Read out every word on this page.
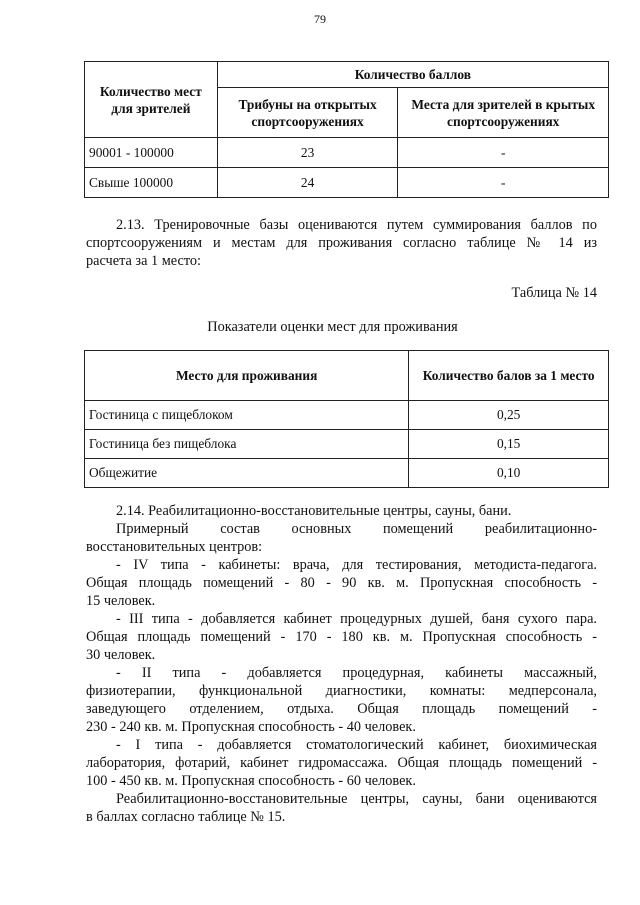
79
Количество мест для зрителей	Количество баллов	
	Трибуны на открытых спортсооружениях	Места для зрителей в крытых спортсооружениях
90001 - 100000	23	-
Свыше 100000	24	-
2.13. Тренировочные базы оцениваются путем суммирования баллов по
спортсооружениям и местам для проживания согласно таблице № 14 из
расчета за 1 место:
Таблица № 14
Показатели оценки мест для проживания
Место для проживания	Количество балов за 1 место
Гостиница с пищеблоком	0,25
Гостиница без пищеблока	0,15
Общежитие	0,10
2.14. Реабилитационно-восстановительные центры, сауны, бани.
Примерный состав основных помещений реабилитационно-
восстановительных центров:
- IV типа - кабинеты: врача, для тестирования, методиста-педагога.
Общая площадь помещений - 80 - 90 кв. м. Пропускная способность -
15 человек.
- III типа - добавляется кабинет процедурных душей, баня сухого пара.
Общая площадь помещений - 170 - 180 кв. м. Пропускная способность -
30 человек.
- II типа - добавляется процедурная, кабинеты массажный,
физиотерапии, функциональной диагностики, комнаты: медперсонала,
заведующего отделением, отдыха. Общая площадь помещений -
230 - 240 кв. м. Пропускная способность - 40 человек.
- I типа - добавляется стоматологический кабинет, биохимическая
лаборатория, фотарий, кабинет гидромассажа. Общая площадь помещений -
100 - 450 кв. м. Пропускная способность - 60 человек.
Реабилитационно-восстановительные центры, сауны, бани оцениваются
в баллах согласно таблице № 15.
